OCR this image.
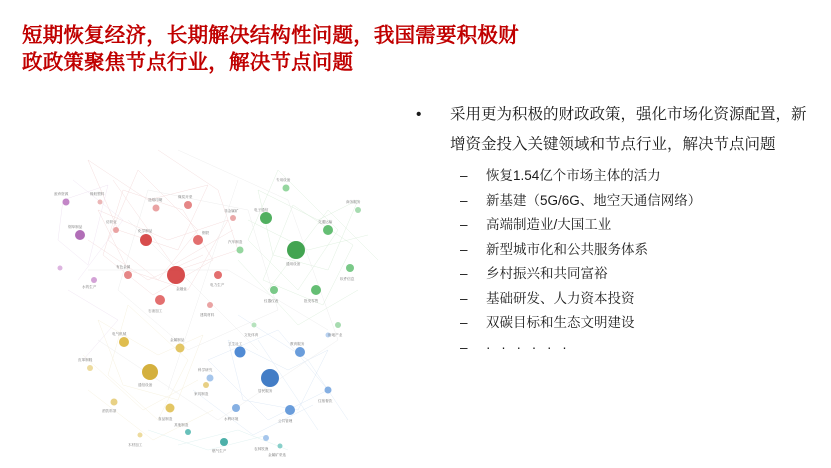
短期恢复经济，长期解决结构性问题，我国需要积极财
政政策聚焦节点行业，解决节点问题
金融业
化学制品	钢铁
石油加工
有色金属
煤炭开采
电力生产
造纸印刷
纺织业
建筑材料
非金属矿
橡胶塑料
通用设备
电子通信
交通运输
批发零售
仪器仪表
软件信息
专用设备
汽车制造
商务服务
房地产业
文化体育
居民服务
卫生社工	教育服务
公共管理
水利环境
住宿餐饮
科学研究
农林牧渔
通信设备
电气机械
金属制品
食品制造
酒饮料茶
家具制造
皮革制鞋
木材加工
烟草制品
废弃资源
水的生产
燃气生产
其他制造
金属矿采选
• 采用更为积极的财政政策，强化市场化资源配置，新增资金投入关键领域和节点行业，解决节点问题
– 恢复1.54亿个市场主体的活力
– 新基建（5G/6G、地空天通信网络）
– 高端制造业/大国工业
– 新型城市化和公共服务体系
– 乡村振兴和共同富裕
– 基础研发、人力资本投资
– 双碳目标和生态文明建设
– · · · · · ·
